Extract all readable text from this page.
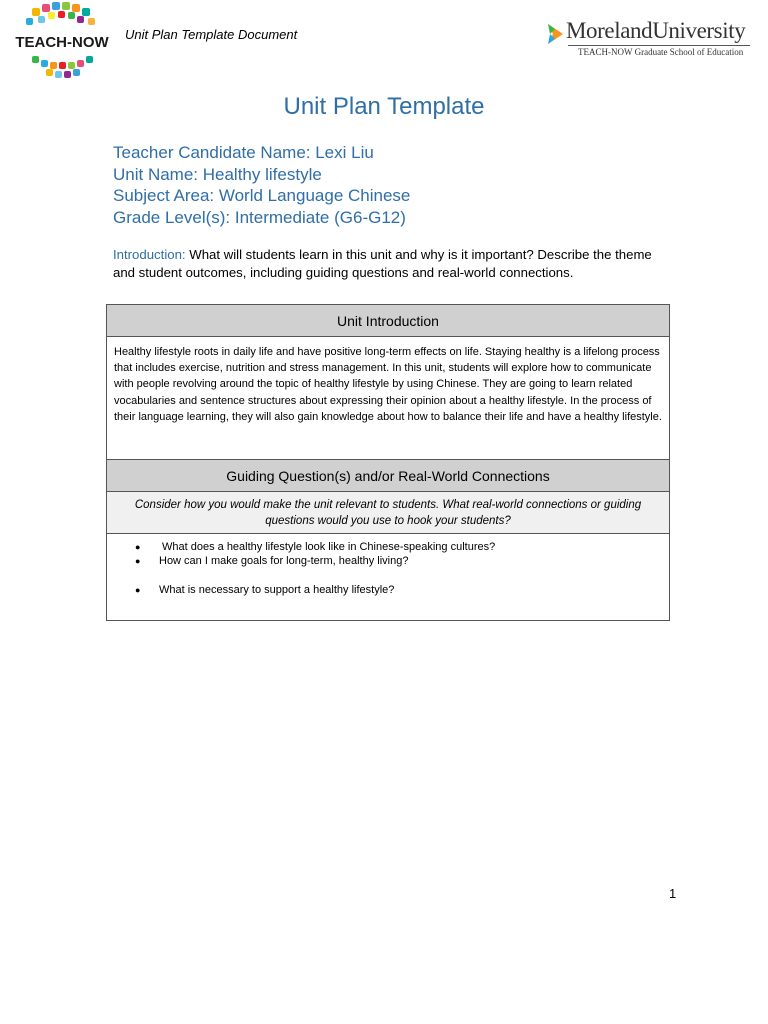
TEACH-NOW Unit Plan Template Document	MorelandUniversity
TEACH-NOW Graduate School of Education
Unit Plan Template
Teacher Candidate Name: Lexi Liu
Unit Name: Healthy lifestyle
Subject Area: World Language Chinese
Grade Level(s): Intermediate (G6-G12)
Introduction: What will students learn in this unit and why is it important? Describe the theme and student outcomes, including guiding questions and real-world connections.
Unit Introduction
Healthy lifestyle roots in daily life and have positive long-term effects on life. Staying healthy is a lifelong process that includes exercise, nutrition and stress management. In this unit, students will explore how to communicate with people revolving around the topic of healthy lifestyle by using Chinese. They are going to learn related vocabularies and sentence structures about expressing their opinion about a healthy lifestyle. In the process of their language learning, they will also gain knowledge about how to balance their life and have a healthy lifestyle.
Guiding Question(s) and/or Real-World Connections
Consider how you would make the unit relevant to students. What real-world connections or guiding questions would you use to hook your students?
● What does a healthy lifestyle look like in Chinese-speaking cultures?
● How can I make goals for long-term, healthy living?
● What is necessary to support a healthy lifestyle?
1
